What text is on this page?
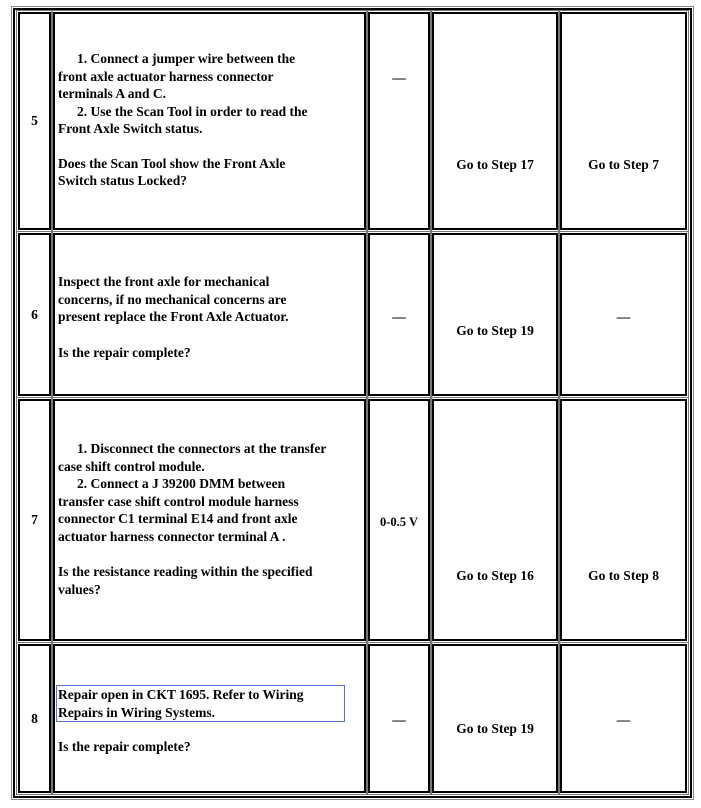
5
1. Connect a jumper wire between the
front axle actuator harness connector
terminals A and C.
2. Use the Scan Tool in order to read the
Front Axle Switch status.
Does the Scan Tool show the Front Axle
Switch status Locked?
—
Go to Step 17	Go to Step 7
6
Inspect the front axle for mechanical
concerns, if no mechanical concerns are
present replace the Front Axle Actuator.
Is the repair complete?
—
Go to Step 19
—
7
1. Disconnect the connectors at the transfer
case shift control module.
2. Connect a J 39200 DMM between
transfer case shift control module harness
connector C1 terminal E14 and front axle
actuator harness connector terminal A .
Is the resistance reading within the specified
values?
0-0.5 V
Go to Step 16	Go to Step 8
8
Repair open in CKT 1695. Refer to Wiring
Repairs in Wiring Systems.
Is the repair complete?
—
Go to Step 19
—
